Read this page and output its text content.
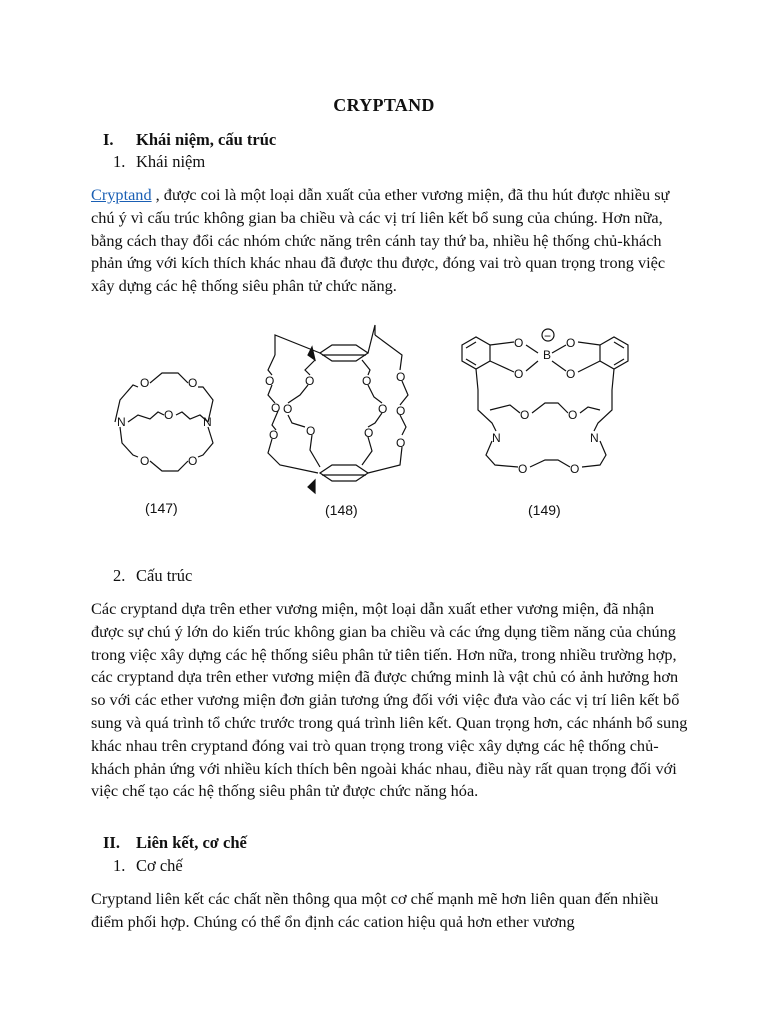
CRYPTAND
I. Khái niệm, cấu trúc
1. Khái niệm

Cryptand , được coi là một loại dẫn xuất của ether vương miện, đã thu hút được nhiều sự chú ý vì cấu trúc không gian ba chiều và các vị trí liên kết bổ sung của chúng. Hơn nữa, bằng cách thay đổi các nhóm chức năng trên cánh tay thứ ba, nhiều hệ thống chủ-khách phản ứng với kích thích khác nhau đã được thu được, đóng vai trò quan trọng trong việc xây dựng các hệ thống siêu phân tử chức năng.

O	O
O
O	O
N	N
(147)
O
O
O
O
O
O
O
O
O
O
O
O
(148)
B
−
O
O
O
O
O	O
O	O
N	N
(149)
2. Cấu trúc

Các cryptand dựa trên ether vương miện, một loại dẫn xuất ether vương miện, đã nhận được sự chú ý lớn do kiến trúc không gian ba chiều và các ứng dụng tiềm năng của chúng trong việc xây dựng các hệ thống siêu phân tử tiên tiến. Hơn nữa, trong nhiều trường hợp, các cryptand dựa trên ether vương miện đã được chứng minh là vật chủ có ảnh hưởng hơn so với các ether vương miện đơn giản tương ứng đối với việc đưa vào các vị trí liên kết bổ sung và quá trình tổ chức trước trong quá trình liên kết. Quan trọng hơn, các nhánh bổ sung khác nhau trên cryptand đóng vai trò quan trọng trong việc xây dựng các hệ thống chủ-khách phản ứng với nhiều kích thích bên ngoài khác nhau, điều này rất quan trọng đối với việc chế tạo các hệ thống siêu phân tử được chức năng hóa.

II. Liên kết, cơ chế
1. Cơ chế

Cryptand liên kết các chất nền thông qua một cơ chế mạnh mẽ hơn liên quan đến nhiều điểm phối hợp. Chúng có thể ổn định các cation hiệu quả hơn ether vương
